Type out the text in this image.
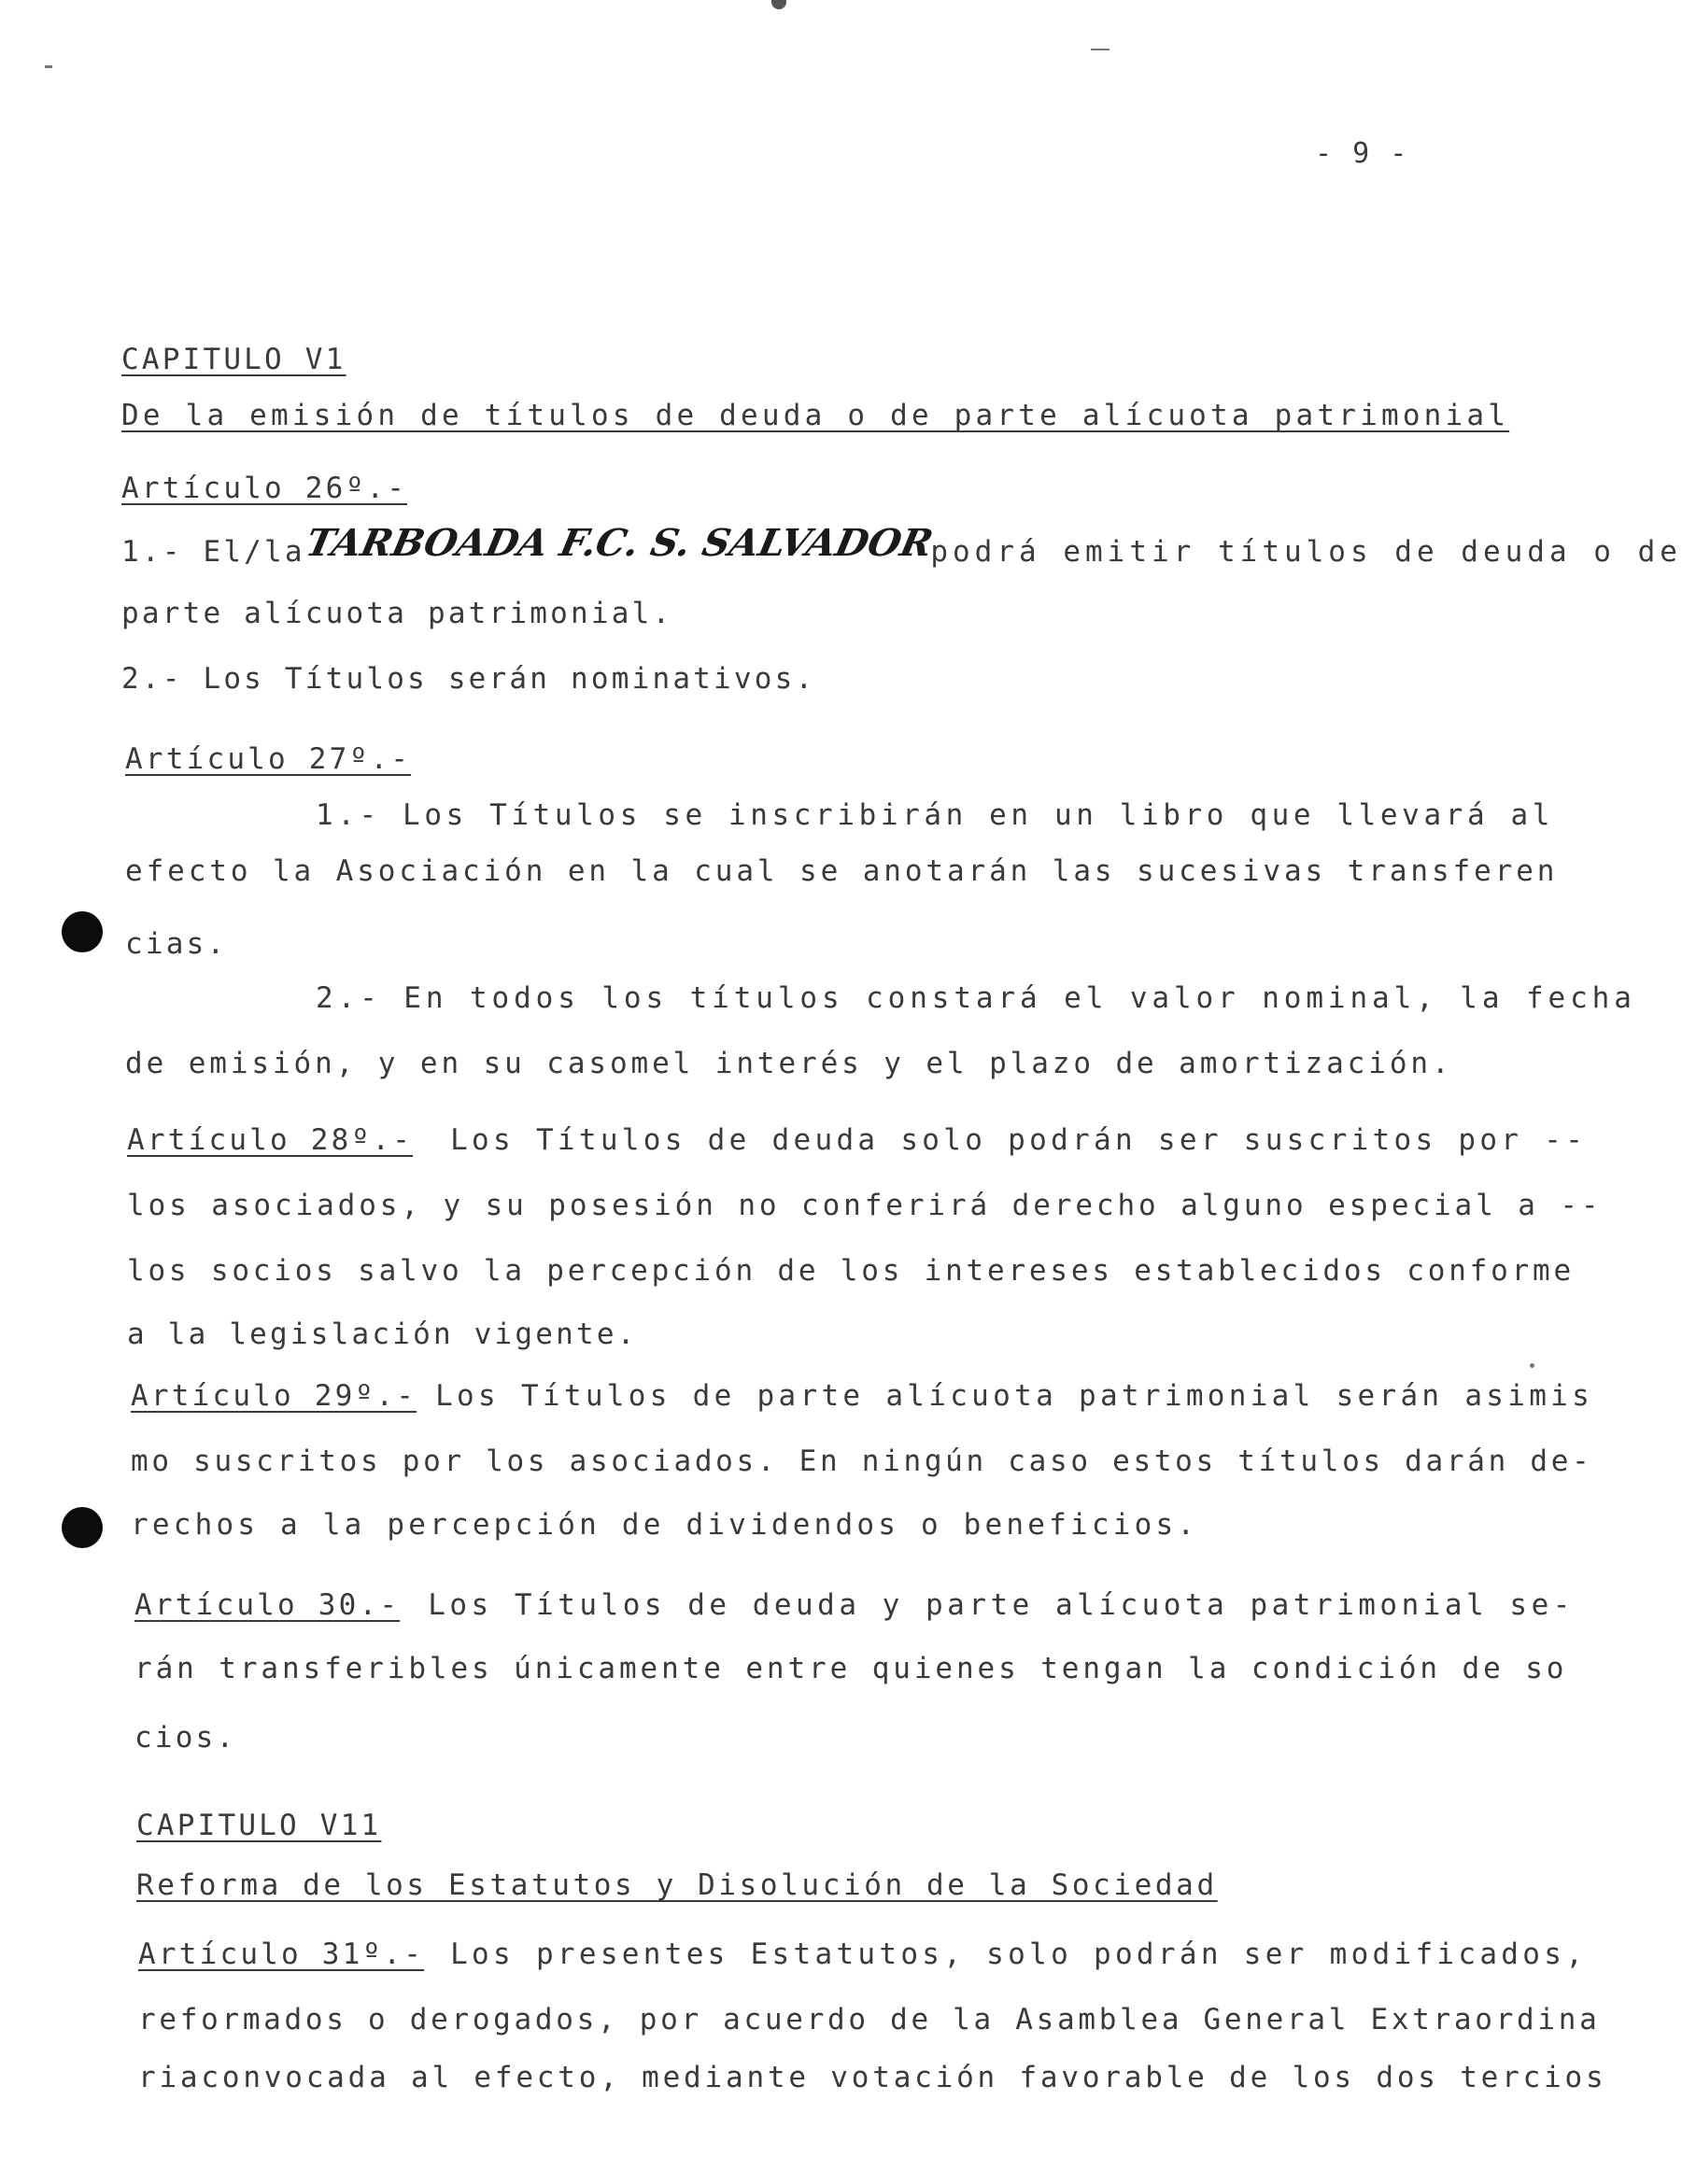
- 9 -
CAPITULO V1
De la emisión de títulos de deuda o de parte alícuota patrimonial
Artículo 26º.-
1.- El/laTARBOADA F.C. S. SALVADORpodrá emitir títulos de deuda o de
parte alícuota patrimonial.
2.- Los Títulos serán nominativos.
Artículo 27º.-
1.- Los Títulos se inscribirán en un libro que llevará al
efecto la Asociación en la cual se anotarán las sucesivas transferen
cias.
2.- En todos los títulos constará el valor nominal, la fecha
de emisión, y en su casomel interés y el plazo de amortización.
Artículo 28º.- Los Títulos de deuda solo podrán ser suscritos por --
los asociados, y su posesión no conferirá derecho alguno especial a --
los socios salvo la percepción de los intereses establecidos conforme
a la legislación vigente.
Artículo 29º.- Los Títulos de parte alícuota patrimonial serán asimis
mo suscritos por los asociados. En ningún caso estos títulos darán de-
rechos a la percepción de dividendos o beneficios.
Artículo 30.- Los Títulos de deuda y parte alícuota patrimonial se-
rán transferibles únicamente entre quienes tengan la condición de so
cios.
CAPITULO V11
Reforma de los Estatutos y Disolución de la Sociedad
Artículo 31º.- Los presentes Estatutos, solo podrán ser modificados,
reformados o derogados, por acuerdo de la Asamblea General Extraordina
riaconvocada al efecto, mediante votación favorable de los dos tercios
